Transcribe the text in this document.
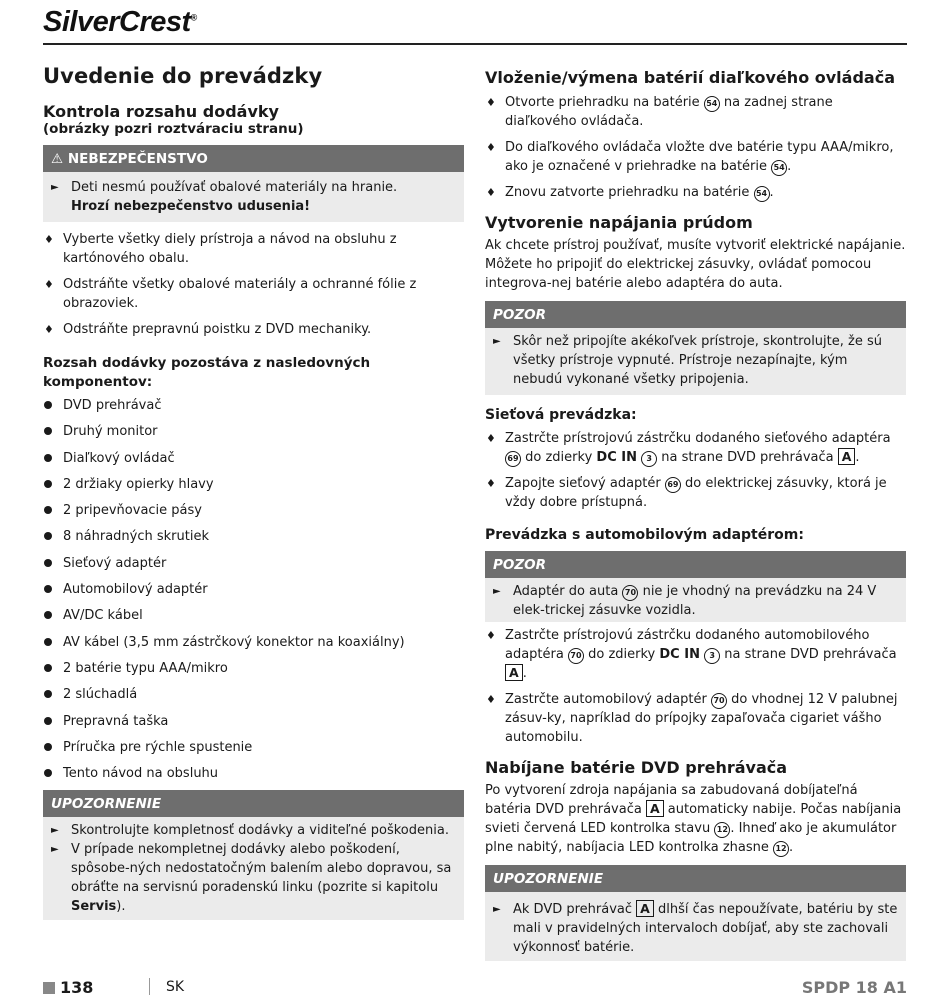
SilverCrest®
Uvedenie do prevádzky
Kontrola rozsahu dodávky
(obrázky pozri roztváraciu stranu)
⚠ NEBEZPEČENSTVO
► Deti nesmú používať obalové materiály na hranie.
Hrozí nebezpečenstvo udusenia!
♦ Vyberte všetky diely prístroja a návod na obsluhu z kartónového obalu.
♦ Odstráňte všetky obalové materiály a ochranné fólie z obrazoviek.
♦ Odstráňte prepravnú poistku z DVD mechaniky.
Rozsah dodávky pozostáva z nasledovných komponentov:
DVD prehrávač
Druhý monitor
Diaľkový ovládač
2 držiaky opierky hlavy
2 pripevňovacie pásy
8 náhradných skrutiek
Sieťový adaptér
Automobilový adaptér
AV/DC kábel
AV kábel (3,5 mm zástrčkový konektor na koaxiálny)
2 batérie typu AAA/mikro
2 slúchadlá
Prepravná taška
Príručka pre rýchle spustenie
Tento návod na obsluhu
UPOZORNENIE
► Skontrolujte kompletnosť dodávky a viditeľné poškodenia.
► V prípade nekompletnej dodávky alebo poškodení, spôsobe-ných nedostatočným balením alebo dopravou, sa obráťte na servisnú poradenskú linku (pozrite si kapitolu Servis).
Vloženie/výmena batérií diaľkového ovládača
♦ Otvorte priehradku na batérie 54 na zadnej strane diaľkového ovládača.
♦ Do diaľkového ovládača vložte dve batérie typu AAA/mikro, ako je označené v priehradke na batérie 54 .
♦ Znovu zatvorte priehradku na batérie 54 .
Vytvorenie napájania prúdom

Ak chcete prístroj používať, musíte vytvoriť elektrické napájanie. Môžete ho pripojiť do elektrickej zásuvky, ovládať pomocou integrova-nej batérie alebo adaptéra do auta.

POZOR
► Skôr než pripojíte akékoľvek prístroje, skontrolujte, že sú všetky prístroje vypnuté. Prístroje nezapínajte, kým nebudú vykonané všetky pripojenia.
Sieťová prevádzka:
♦ Zastrčte prístrojovú zástrčku dodaného sieťového adaptéra 69 do zdierky DC IN 3 na strane DVD prehrávača A .
♦ Zapojte sieťový adaptér 69 do elektrickej zásuvky, ktorá je vždy dobre prístupná.
Prevádzka s automobilovým adaptérom:
POZOR
► Adaptér do auta 70 nie je vhodný na prevádzku na 24 V elek-trickej zásuvke vozidla.
♦ Zastrčte prístrojovú zástrčku dodaného automobilového adaptéra 70 do zdierky DC IN 3 na strane DVD prehrávača A .
♦ Zastrčte automobilový adaptér 70 do vhodnej 12 V palubnej zásuv-ky, napríklad do prípojky zapaľovača cigariet vášho automobilu.
Nabíjane batérie DVD prehrávača

Po vytvorení zdroja napájania sa zabudovaná dobíjateľná batéria DVD prehrávača A automaticky nabije. Počas nabíjania svieti červená LED kontrolka stavu 12 . Ihneď ako je akumulátor plne nabitý, nabíjacia LED kontrolka zhasne 12 .

UPOZORNENIE
► Ak DVD prehrávač A dlhší čas nepoužívate, batériu by ste mali v pravidelných intervaloch dobíjať, aby ste zachovali výkonnosť batérie.
138	SK	SPDP 18 A1
